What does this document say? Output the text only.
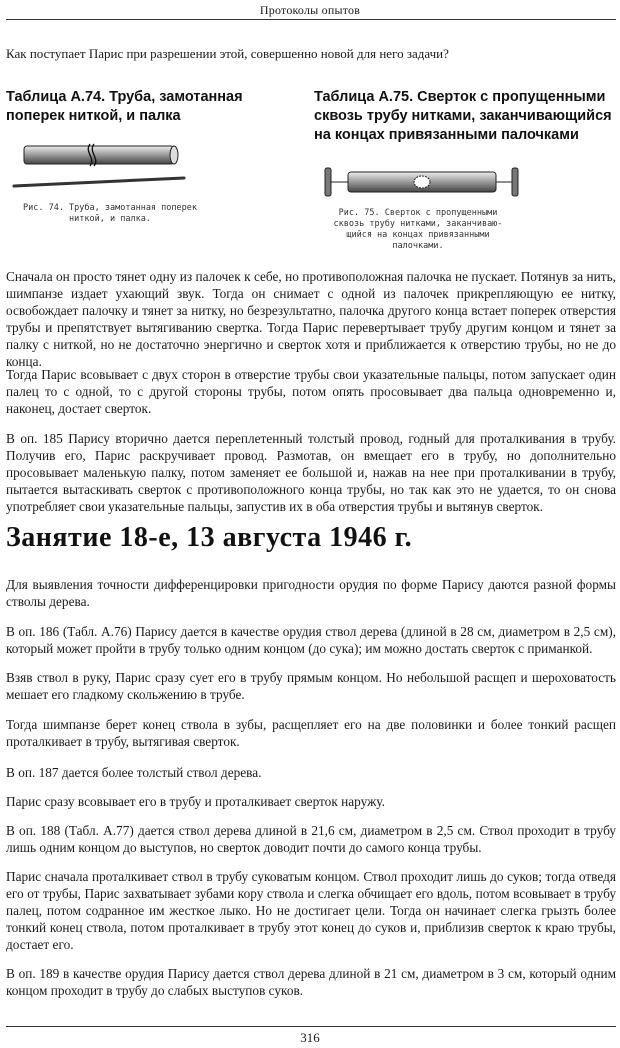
Протоколы опытов
Как поступает Парис при разрешении этой, совершенно новой для него задачи?
Таблица А.74. Труба, замотанная поперек ниткой, и палка
Рис. 74. Труба, замотанная поперек
ниткой, и палка.
Таблица А.75. Сверток с пропущенными сквозь трубу нитками, заканчивающийся на концах привязанными палочками
Рис. 75. Сверток с пропущенными
сквозь трубу нитками, заканчиваю-
щийся на концах привязанными
палочками.
Сначала он просто тянет одну из палочек к себе, но противоположная палочка не пускает. Потянув за нить, шимпанзе издает ухающий звук. Тогда он снимает с одной из палочек прикрепляющую ее нитку, освобождает палочку и тянет за нитку, но безрезультатно, палочка другого конца встает поперек отверстия трубы и препятствует вытягиванию свертка. Тогда Парис перевертывает трубу другим концом и тянет за палку с ниткой, но не достаточно энергично и сверток хотя и приближается к отверстию трубы, но не до конца.
Тогда Парис всовывает с двух сторон в отверстие трубы свои указательные пальцы, потом запускает один палец то с одной, то с другой стороны трубы, потом опять просовывает два пальца одновременно и, наконец, достает сверток.
В оп. 185 Парису вторично дается переплетенный толстый провод, годный для проталкивания в трубу. Получив его, Парис раскручивает провод. Размотав, он вмещает его в трубу, но дополнительно просовывает маленькую палку, потом заменяет ее большой и, нажав на нее при проталкивании в трубу, пытается вытаскивать сверток с противоположного конца трубы, но так как это не удается, то он снова употребляет свои указательные пальцы, запустив их в оба отверстия трубы и вытянув сверток.
Занятие 18-е, 13 августа 1946 г.
Для выявления точности дифференцировки пригодности орудия по форме Парису даются разной формы стволы дерева.
В оп. 186 (Табл. А.76) Парису дается в качестве орудия ствол дерева (длиной в 28 см, диаметром в 2,5 см), который может пройти в трубу только одним концом (до сука); им можно достать сверток с приманкой.
Взяв ствол в руку, Парис сразу сует его в трубу прямым концом. Но небольшой расщеп и шероховатость мешает его гладкому скольжению в трубе.
Тогда шимпанзе берет конец ствола в зубы, расщепляет его на две половинки и более тонкий расщеп проталкивает в трубу, вытягивая сверток.
В оп. 187 дается более толстый ствол дерева.
Парис сразу всовывает его в трубу и проталкивает сверток наружу.
В оп. 188 (Табл. А.77) дается ствол дерева длиной в 21,6 см, диаметром в 2,5 см. Ствол проходит в трубу лишь одним концом до выступов, но сверток доводит почти до самого конца трубы.
Парис сначала проталкивает ствол в трубу суковатым концом. Ствол проходит лишь до суков; тогда отведя его от трубы, Парис захватывает зубами кору ствола и слегка обчищает его вдоль, потом всовывает в трубу палец, потом содранное им жесткое лыко. Но не достигает цели. Тогда он начинает слегка грызть более тонкий конец ствола, потом проталкивает в трубу этот конец до суков и, приблизив сверток к краю трубы, достает его.
В оп. 189 в качестве орудия Парису дается ствол дерева длиной в 21 см, диаметром в 3 см, который одним концом проходит в трубу до слабых выступов суков.
316
